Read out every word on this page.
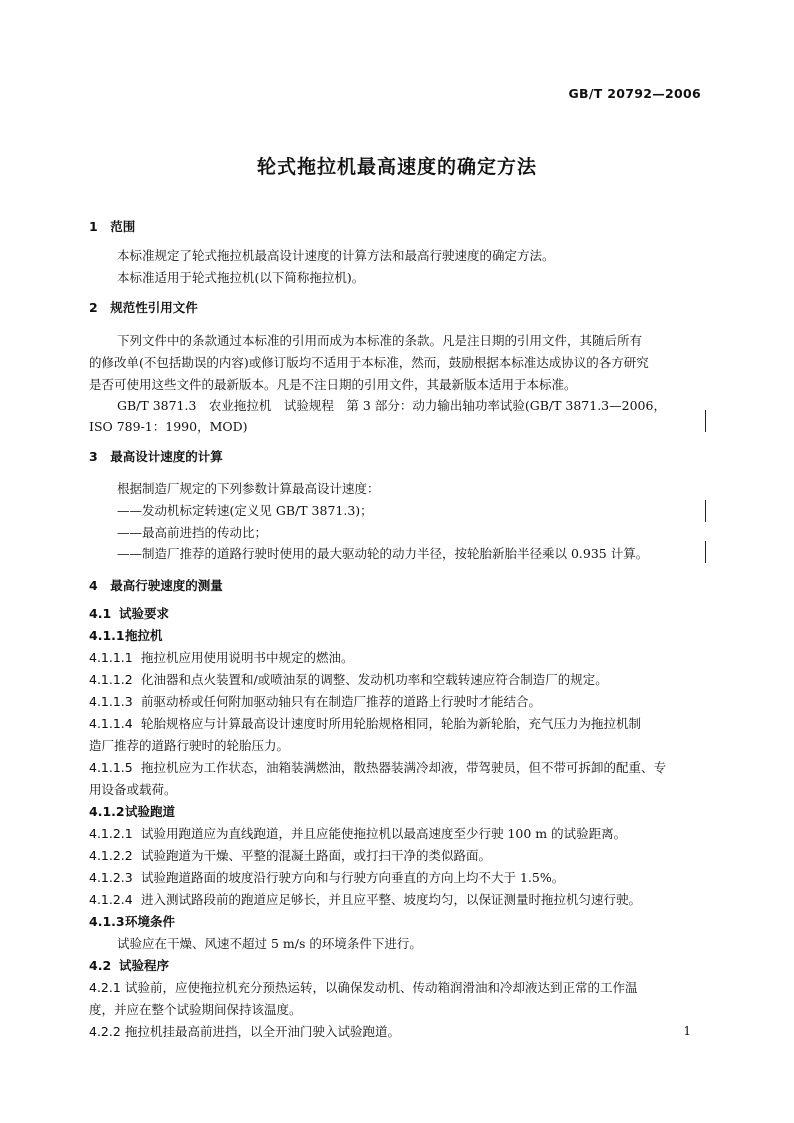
GB/T 20792—2006
轮式拖拉机最高速度的确定方法
1　范围
本标准规定了轮式拖拉机最高设计速度的计算方法和最高行驶速度的确定方法。
本标准适用于轮式拖拉机(以下简称拖拉机)。
2　规范性引用文件
下列文件中的条款通过本标准的引用而成为本标准的条款。凡是注日期的引用文件，其随后所有
的修改单(不包括勘误的内容)或修订版均不适用于本标准，然而，鼓励根据本标准达成协议的各方研究
是否可使用这些文件的最新版本。凡是不注日期的引用文件，其最新版本适用于本标准。
GB/T 3871.3　农业拖拉机　试验规程　第 3 部分：动力输出轴功率试验(GB/T 3871.3—2006，
ISO 789-1：1990，MOD)
3　最高设计速度的计算
根据制造厂规定的下列参数计算最高设计速度：
——发动机标定转速(定义见 GB/T 3871.3)；
——最高前进挡的传动比；
——制造厂推荐的道路行驶时使用的最大驱动轮的动力半径，按轮胎新胎半径乘以 0.935 计算。
4　最高行驶速度的测量
4.1 试验要求
4.1.1拖拉机
4.1.1.1 拖拉机应用使用说明书中规定的燃油。
4.1.1.2 化油器和点火装置和/或喷油泵的调整、发动机功率和空载转速应符合制造厂的规定。
4.1.1.3 前驱动桥或任何附加驱动轴只有在制造厂推荐的道路上行驶时才能结合。
4.1.1.4 轮胎规格应与计算最高设计速度时所用轮胎规格相同，轮胎为新轮胎，充气压力为拖拉机制
造厂推荐的道路行驶时的轮胎压力。
4.1.1.5 拖拉机应为工作状态，油箱装满燃油，散热器装满冷却液，带驾驶员，但不带可拆卸的配重、专
用设备或载荷。
4.1.2试验跑道
4.1.2.1 试验用跑道应为直线跑道，并且应能使拖拉机以最高速度至少行驶 100 m 的试验距离。
4.1.2.2 试验跑道为干燥、平整的混凝土路面，或打扫干净的类似路面。
4.1.2.3 试验跑道路面的坡度沿行驶方向和与行驶方向垂直的方向上均不大于 1.5%。
4.1.2.4 进入测试路段前的跑道应足够长，并且应平整、坡度均匀，以保证测量时拖拉机匀速行驶。
4.1.3环境条件
试验应在干燥、风速不超过 5 m/s 的环境条件下进行。
4.2 试验程序
4.2.1 试验前，应使拖拉机充分预热运转，以确保发动机、传动箱润滑油和冷却液达到正常的工作温
度，并应在整个试验期间保持该温度。
4.2.2 拖拉机挂最高前进挡，以全开油门驶入试验跑道。	1
